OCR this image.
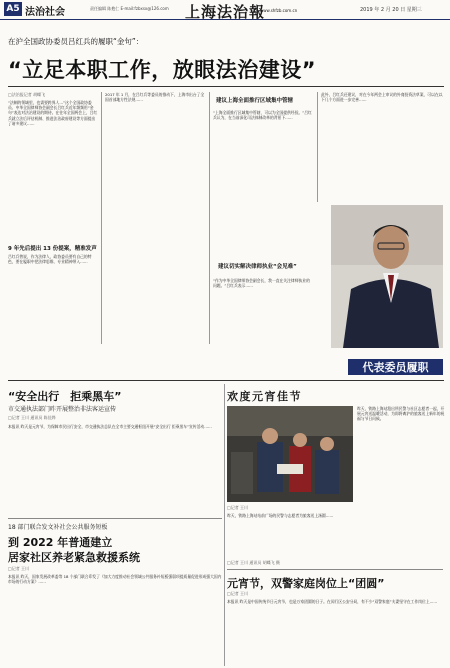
A5 法治社会	责任编辑 陈抱仁 E-mail:fzbxsx@126.com 上海法治報
www.shfzb.com.cn	2019 年 2 月 20 日 星期三
在沪全国政协委员吕红兵的履职“金句”：
“立足本职工作，放眼法治建设”
□法治报记者 胡蝶飞
“法制的领域里，也需要跨界人…”这个全国政协委员、中华全国律师协会副会长吕红兵近年频频用“金句”表达对法治建设的期待。在往年全国两会上，吕红兵就立法后评估机制、推进法治政府建设等方面提出了诸多建议……
9 年先后提出 13 份提案，精准发声
吕红兵曾说，作为法律人，政协委员要有自己的特色，要在履职中把法律思维、专业精神带入……
2017 年 1 月，在吕红兵等委员的推动下，上海市出台了全国首部地方性法规……	建议上海全面推行区域集中管辖
“上海全面推行区域集中管辖，可以为全国提供经验。”吕红兵认为，在当前深化司法体制改革的背景下……
建议切实解决律师执业“会见难”
“作为中华全国律师协会副会长，我一直在关注律师执业的问题。”吕红兵表示……
此外，吕红兵还建议，对在今年两会上审议的外商投资法草案，可以在以下几个方面进一步完善……
代表委员履职
“安全出行　拒乘黑车”
市交通执法部门昨开展整治非法客运宣传
□记者 王川 通讯员 陈佳烨
本报讯 昨天是元宵节，为保障市民出行安全，市交通执法总队在全市主要交通枢纽开展“安全出行 拒乘黑车”宣传活动……
18 部门联合发文补社会公共服务短板
到 2022 年普通建立
居家社区养老紧急救援系统
□记者 王川
本报讯 昨天，国家发展改革委等 18 个部门联合印发了《加大力度推动社会领域公共服务补短板强弱项提质量促进形成强大国内市场的行动方案》……
欢度元宵佳节
昨天，铁路上海站派出所民警与社区志愿者一起，开展元宵送温暖活动，为即将离沪的旅客送上新年的祝福与节日问候。
□记者 王川
昨天，铁路上海站站前广场的民警与志愿者为旅客送上汤圆……
□记者 王川 通讯员 胡蝶飞 摄
元宵节，双警家庭岗位上“团圆”
□记者 王川
本报讯 昨天是中国传统节日元宵节，也是万家团圆的日子。在闵行区公安分局，有不少“双警家庭”夫妻坚守在工作岗位上……
